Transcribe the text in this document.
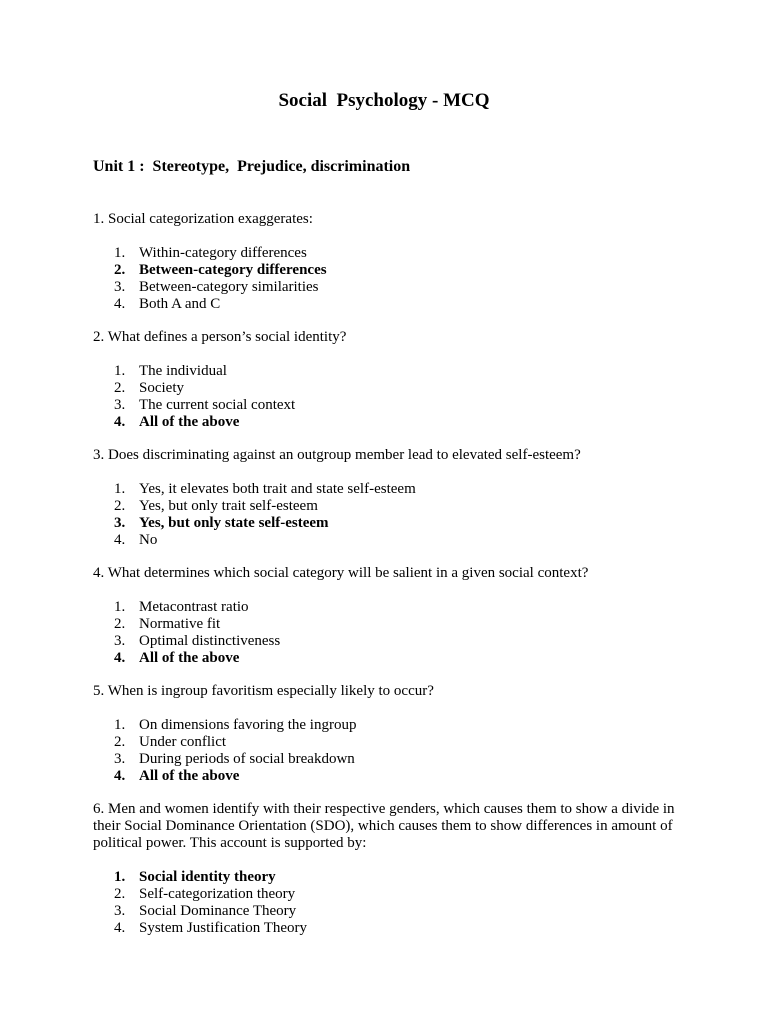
Social  Psychology - MCQ
Unit 1 :  Stereotype,  Prejudice, discrimination
1. Social categorization exaggerates:
1. Within-category differences
2. Between-category differences
3. Between-category similarities
4. Both A and C
2. What defines a person’s social identity?
1. The individual
2. Society
3. The current social context
4. All of the above
3. Does discriminating against an outgroup member lead to elevated self-esteem?
1. Yes, it elevates both trait and state self-esteem
2. Yes, but only trait self-esteem
3. Yes, but only state self-esteem
4. No
4. What determines which social category will be salient in a given social context?
1. Metacontrast ratio
2. Normative fit
3. Optimal distinctiveness
4. All of the above
5. When is ingroup favoritism especially likely to occur?
1. On dimensions favoring the ingroup
2. Under conflict
3. During periods of social breakdown
4. All of the above
6. Men and women identify with their respective genders, which causes them to show a divide in their Social Dominance Orientation (SDO), which causes them to show differences in amount of political power. This account is supported by:
1. Social identity theory
2. Self-categorization theory
3. Social Dominance Theory
4. System Justification Theory
